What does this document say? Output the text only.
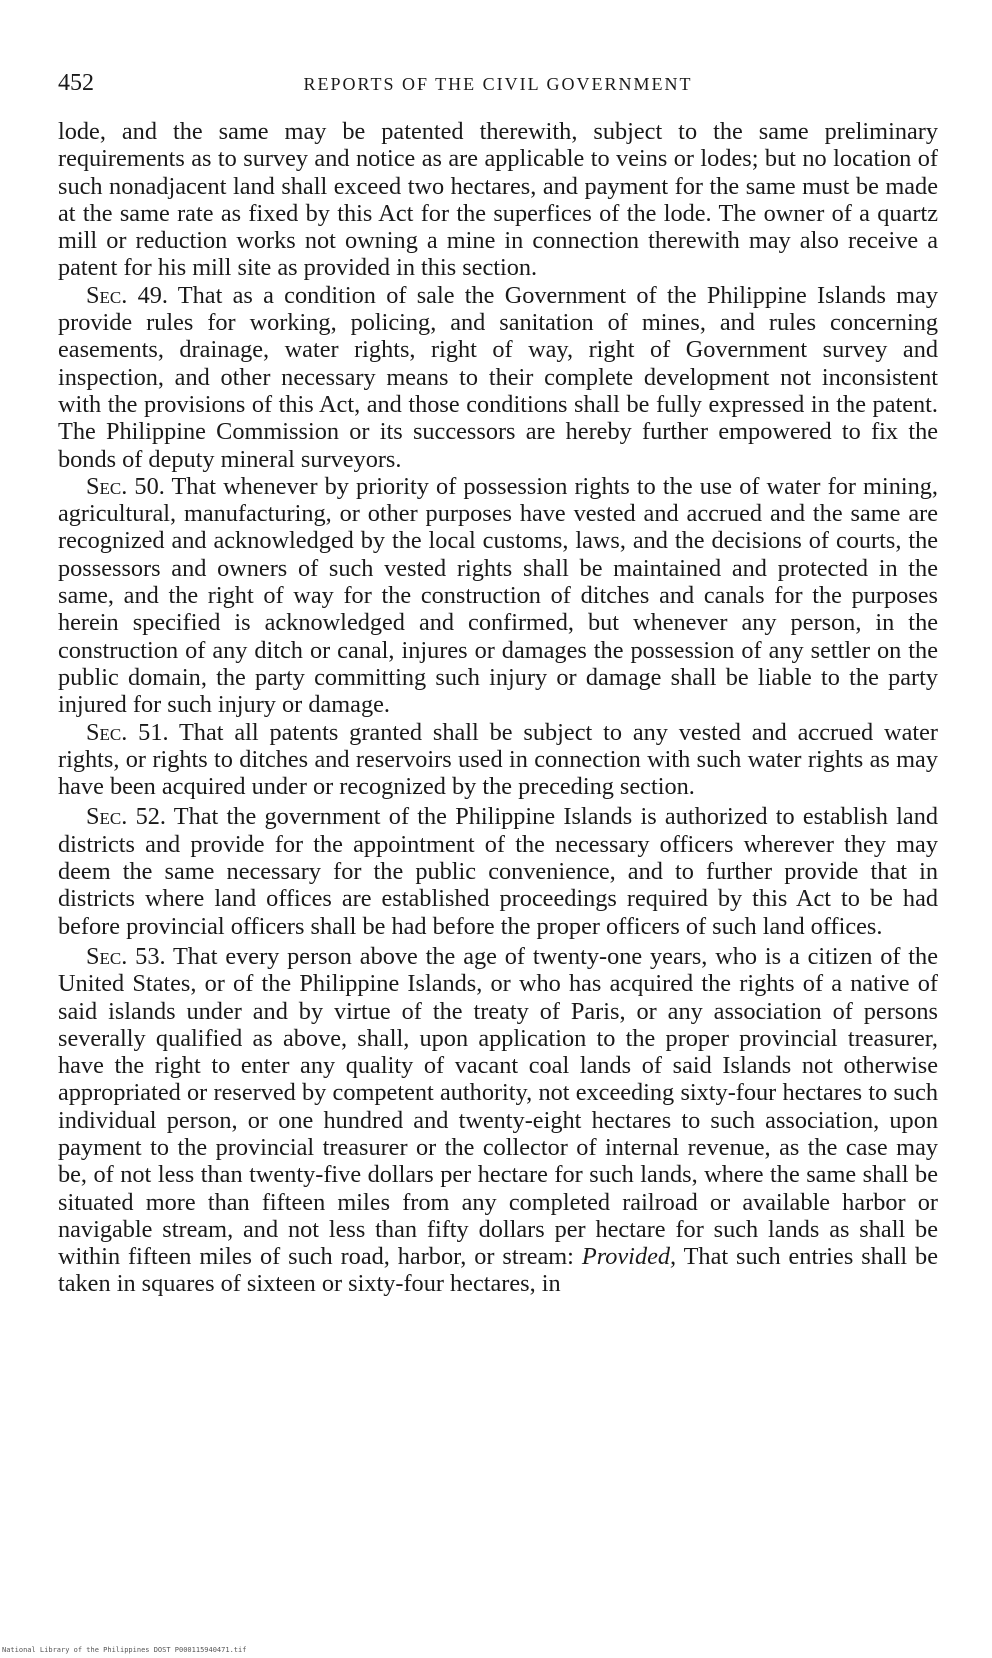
452	REPORTS OF THE CIVIL GOVERNMENT

lode, and the same may be patented therewith, subject to the same preliminary requirements as to survey and notice as are applicable to veins or lodes; but no location of such nonadjacent land shall exceed two hectares, and payment for the same must be made at the same rate as fixed by this Act for the superfices of the lode. The owner of a quartz mill or reduction works not owning a mine in connection therewith may also receive a patent for his mill site as provided in this section.

Sec. 49. That as a condition of sale the Government of the Philippine Islands may provide rules for working, policing, and sanitation of mines, and rules concerning easements, drainage, water rights, right of way, right of Government survey and inspection, and other necessary means to their complete development not inconsistent with the provisions of this Act, and those conditions shall be fully expressed in the patent. The Philippine Commission or its successors are hereby further empowered to fix the bonds of deputy mineral surveyors.

Sec. 50. That whenever by priority of possession rights to the use of water for mining, agricultural, manufacturing, or other purposes have vested and accrued and the same are recognized and acknowledged by the local customs, laws, and the decisions of courts, the possessors and owners of such vested rights shall be maintained and protected in the same, and the right of way for the construction of ditches and canals for the purposes herein specified is acknowledged and confirmed, but whenever any person, in the construction of any ditch or canal, injures or damages the possession of any settler on the public domain, the party committing such injury or damage shall be liable to the party injured for such injury or damage.

Sec. 51. That all patents granted shall be subject to any vested and accrued water rights, or rights to ditches and reservoirs used in connection with such water rights as may have been acquired under or recognized by the preceding section.

Sec. 52. That the government of the Philippine Islands is authorized to establish land districts and provide for the appointment of the necessary officers wherever they may deem the same necessary for the public convenience, and to further provide that in districts where land offices are established proceedings required by this Act to be had before provincial officers shall be had before the proper officers of such land offices.

Sec. 53. That every person above the age of twenty-one years, who is a citizen of the United States, or of the Philippine Islands, or who has acquired the rights of a native of said islands under and by virtue of the treaty of Paris, or any association of persons severally qualified as above, shall, upon application to the proper provincial treasurer, have the right to enter any quality of vacant coal lands of said Islands not otherwise appropriated or reserved by competent authority, not exceeding sixty-four hectares to such individual person, or one hundred and twenty-eight hectares to such association, upon payment to the provincial treasurer or the collector of internal revenue, as the case may be, of not less than twenty-five dollars per hectare for such lands, where the same shall be situated more than fifteen miles from any completed railroad or available harbor or navigable stream, and not less than fifty dollars per hectare for such lands as shall be within fifteen miles of such road, harbor, or stream: Provided, That such entries shall be taken in squares of sixteen or sixty-four hectares, in

National Library of the Philippines DOST P000115940471.tif
